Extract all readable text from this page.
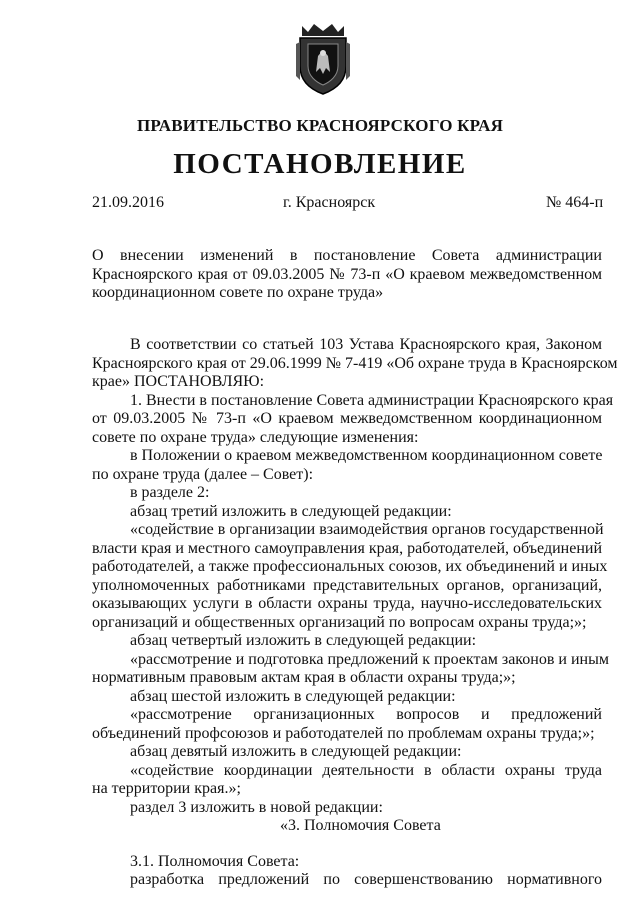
ПРАВИТЕЛЬСТВО КРАСНОЯРСКОГО КРАЯ
ПОСТАНОВЛЕНИЕ
21.09.2016	г. Красноярск	№ 464-п
О внесении изменений в постановление Совета администрации
Красноярского края от 09.03.2005 № 73-п «О краевом межведомственном
координационном совете по охране труда»
В соответствии со статьей 103 Устава Красноярского края, Законом
Красноярского края от 29.06.1999 № 7-419 «Об охране труда в Красноярском
крае» ПОСТАНОВЛЯЮ:
1. Внести в постановление Совета администрации Красноярского края
от 09.03.2005 № 73-п «О краевом межведомственном координационном
совете по охране труда» следующие изменения:
в Положении о краевом межведомственном координационном совете
по охране труда (далее – Совет):
в разделе 2:
абзац третий изложить в следующей редакции:
«содействие в организации взаимодействия органов государственной
власти края и местного самоуправления края, работодателей, объединений
работодателей, а также профессиональных союзов, их объединений и иных
уполномоченных работниками представительных органов, организаций,
оказывающих услуги в области охраны труда, научно-исследовательских
организаций и общественных организаций по вопросам охраны труда;»;
абзац четвертый изложить в следующей редакции:
«рассмотрение и подготовка предложений к проектам законов и иным
нормативным правовым актам края в области охраны труда;»;
абзац шестой изложить в следующей редакции:
«рассмотрение организационных вопросов и предложений
объединений профсоюзов и работодателей по проблемам охраны труда;»;
абзац девятый изложить в следующей редакции:
«содействие координации деятельности в области охраны труда
на территории края.»;
раздел 3 изложить в новой редакции:
«3. Полномочия Совета
3.1. Полномочия Совета:
разработка предложений по совершенствованию нормативного
